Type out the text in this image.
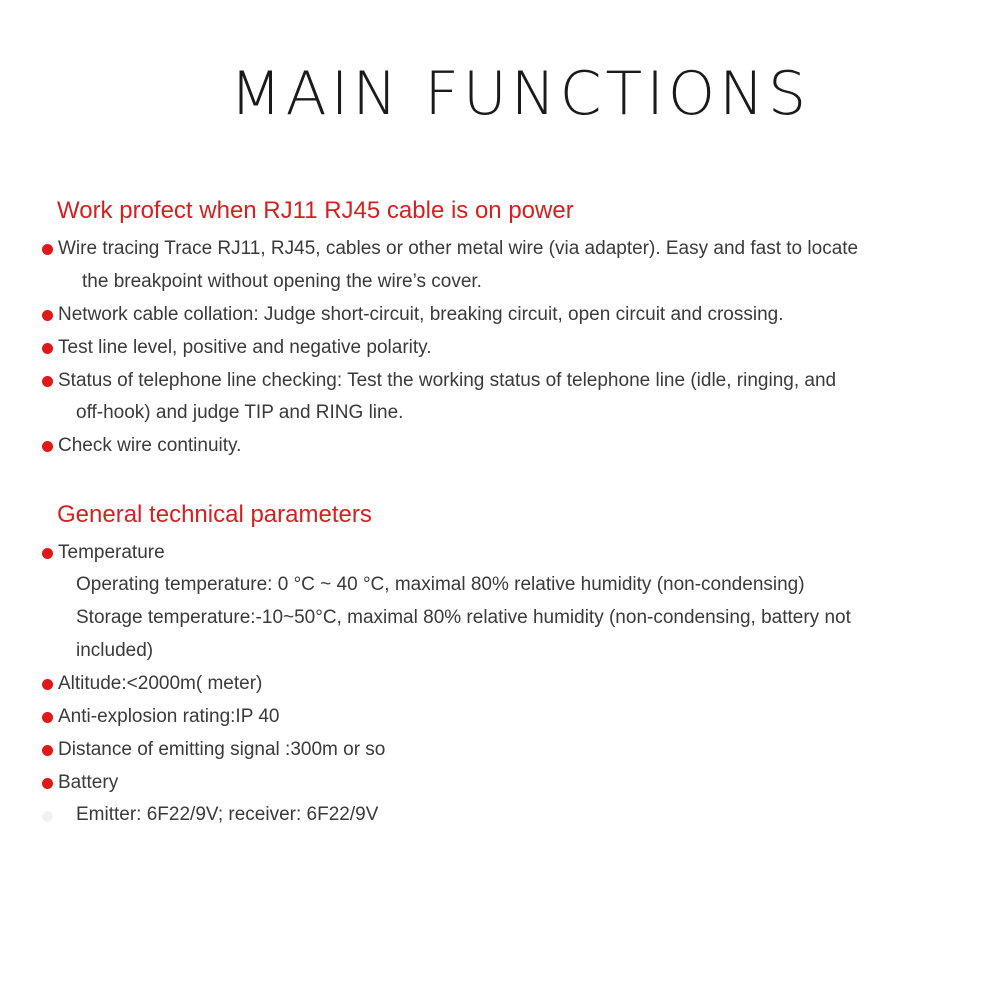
MAIN FUNCTIONS
Work profect when RJ11 RJ45 cable is on power
Wire tracing Trace RJ11, RJ45, cables or other metal wire (via adapter). Easy and fast to locate
the breakpoint without opening the wire’s cover.
Network cable collation: Judge short-circuit, breaking circuit, open circuit and crossing.
Test line level, positive and negative polarity.
Status of telephone line checking: Test the working status of telephone line (idle, ringing, and
off-hook) and judge TIP and RING line.
Check wire continuity.
General technical parameters
Temperature
Operating temperature: 0 °C ~ 40 °C, maximal 80% relative humidity (non-condensing)
Storage temperature:-10~50°C, maximal 80% relative humidity (non-condensing, battery not
included)
Altitude:<2000m( meter)
Anti-explosion rating:IP 40
Distance of emitting signal :300m or so
Battery
Emitter: 6F22/9V; receiver: 6F22/9V
